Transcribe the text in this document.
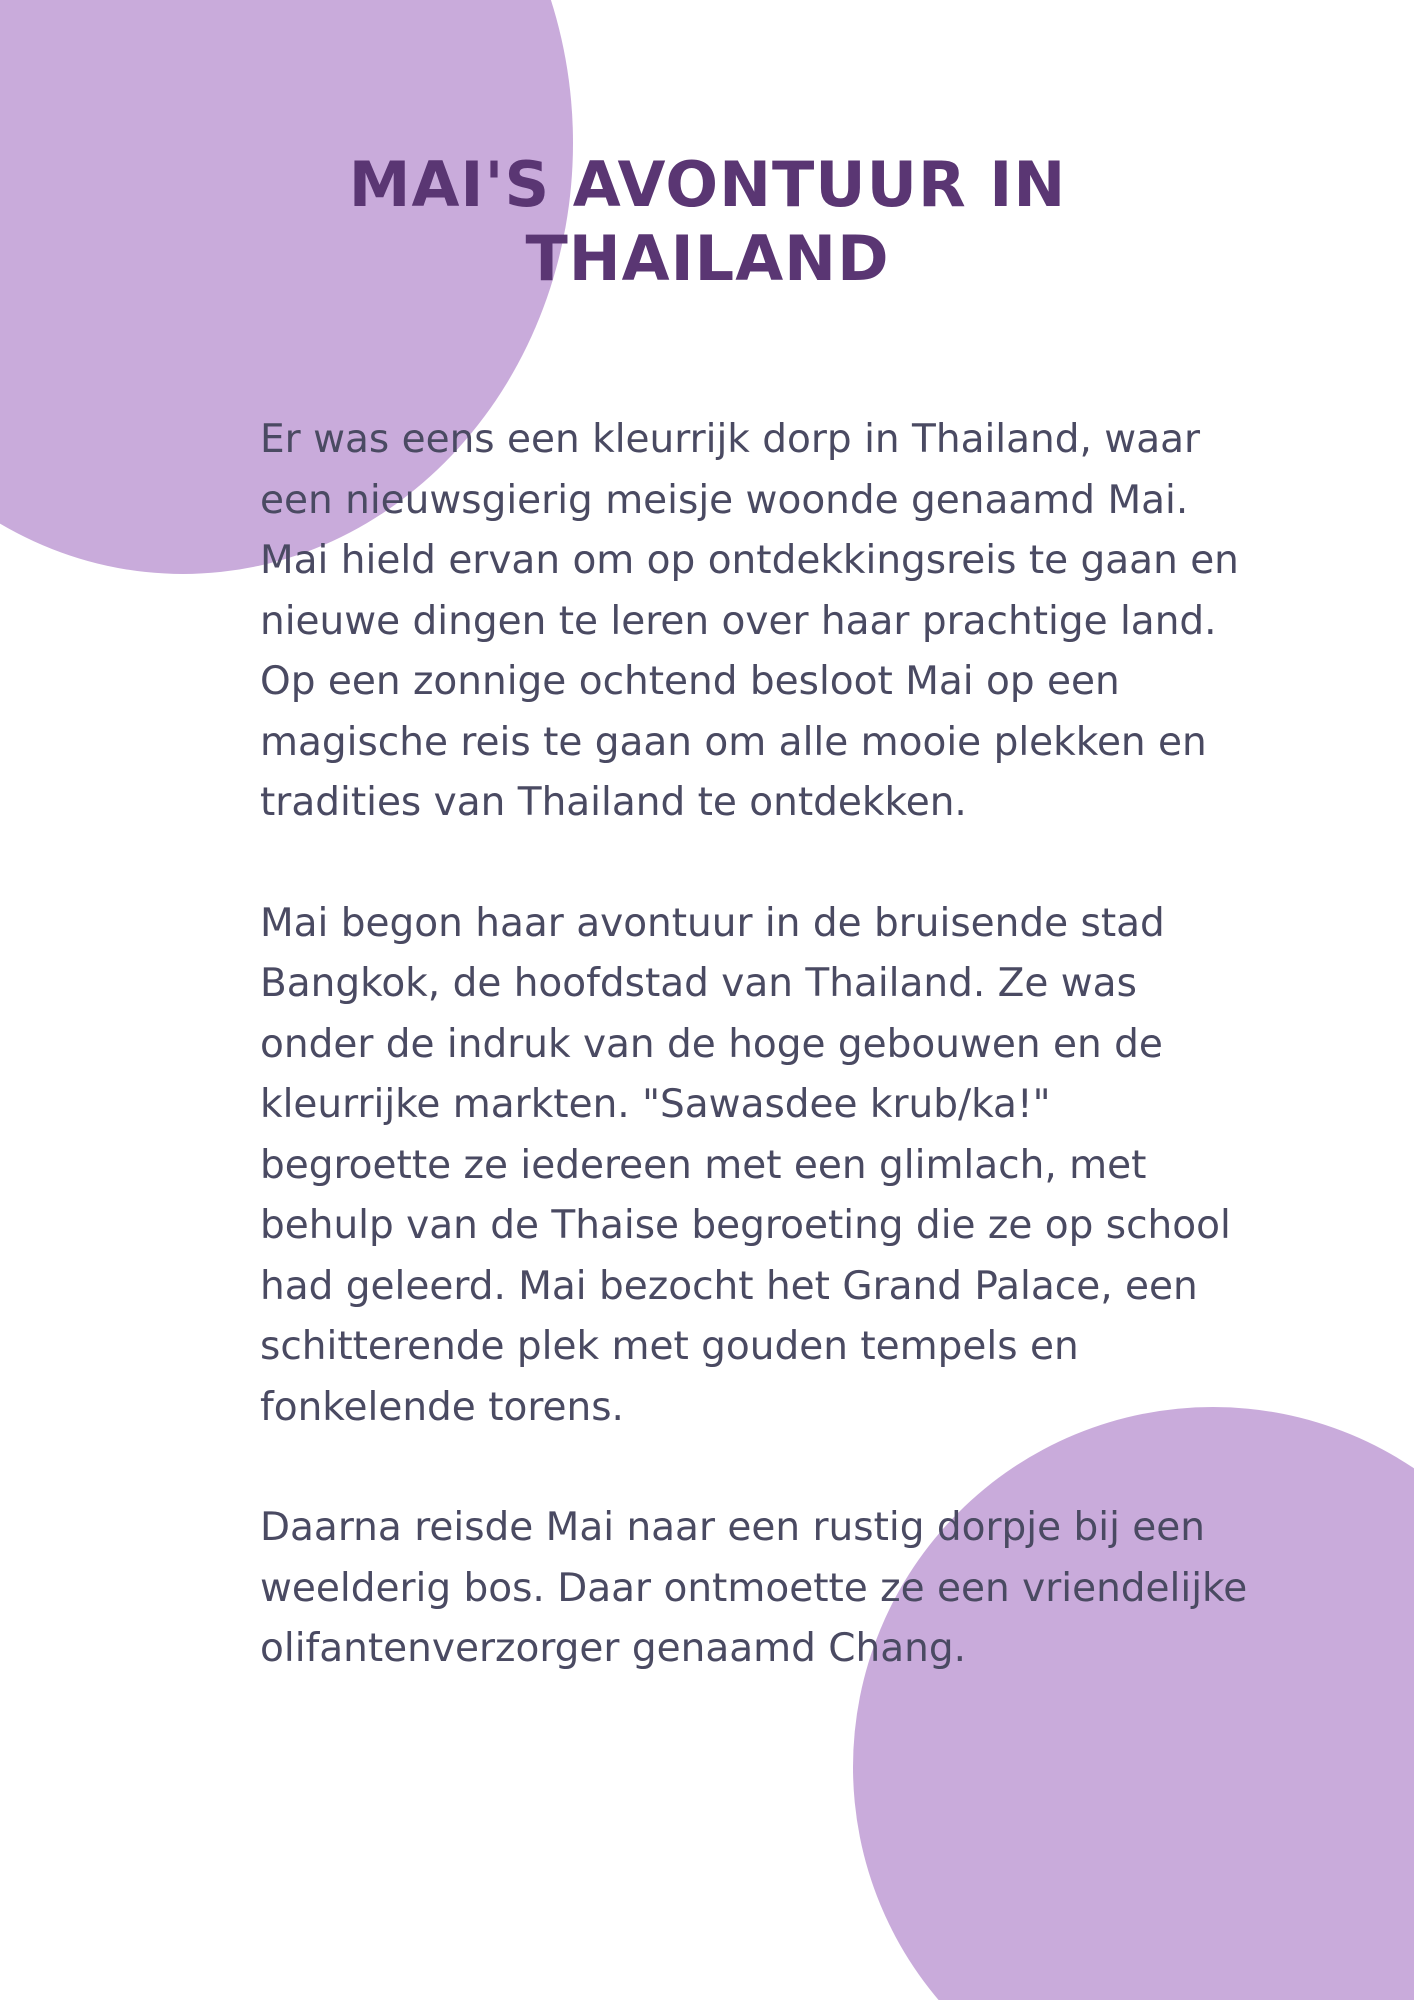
MAI'S AVONTUUR IN
THAILAND

Er was eens een kleurrijk dorp in Thailand, waar
een nieuwsgierig meisje woonde genaamd Mai.
Mai hield ervan om op ontdekkingsreis te gaan en
nieuwe dingen te leren over haar prachtige land.
Op een zonnige ochtend besloot Mai op een
magische reis te gaan om alle mooie plekken en
tradities van Thailand te ontdekken.

Mai begon haar avontuur in de bruisende stad
Bangkok, de hoofdstad van Thailand. Ze was
onder de indruk van de hoge gebouwen en de
kleurrijke markten. "Sawasdee krub/ka!"
begroette ze iedereen met een glimlach, met
behulp van de Thaise begroeting die ze op school
had geleerd. Mai bezocht het Grand Palace, een
schitterende plek met gouden tempels en
fonkelende torens.

Daarna reisde Mai naar een rustig dorpje bij een
weelderig bos. Daar ontmoette ze een vriendelijke
olifantenverzorger genaamd Chang.
